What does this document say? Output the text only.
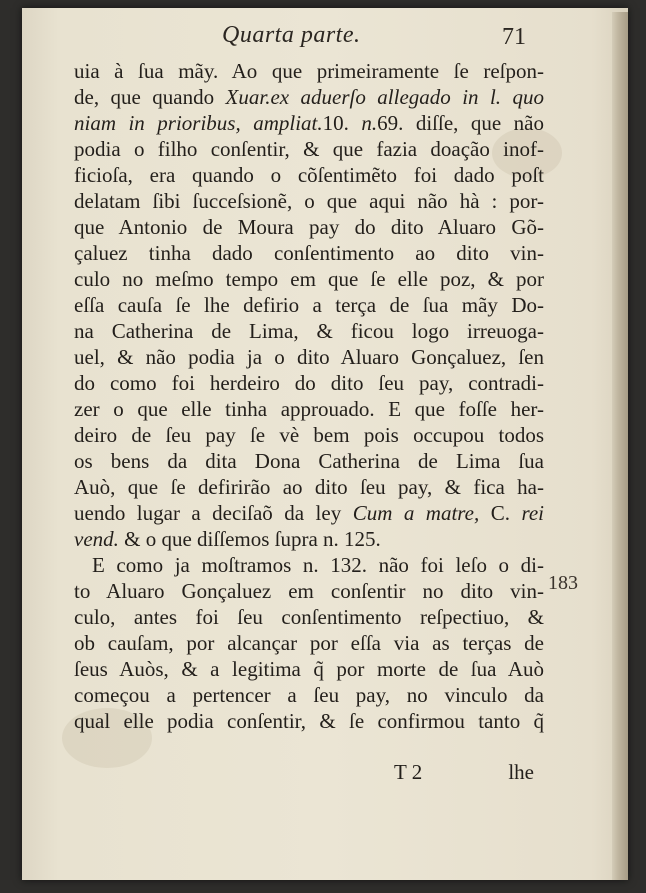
Quarta parte.	71
uia à ſua mãy. Ao que primeiramente ſe reſpon-
de, que quando Xuar.ex aduerſo allegado in l. quo
niam in prioribus, ampliat.10. n.69. diſſe, que não
podia o filho conſentir, & que fazia doação inof-
ficioſa, era quando o cõſentimẽto foi dado poſt
delatam ſibi ſucceſsionẽ, o que aqui não hà : por-
que Antonio de Moura pay do dito Aluaro Gõ-
çaluez tinha dado conſentimento ao dito vin-
culo no meſmo tempo em que ſe elle poz, & por
eſſa cauſa ſe lhe defirio a terça de ſua mãy Do-
na Catherina de Lima, & ficou logo irreuoga-
uel, & não podia ja o dito Aluaro Gonçaluez, ſen
do como foi herdeiro do dito ſeu pay, contradi-
zer o que elle tinha approuado. E que foſſe her-
deiro de ſeu pay ſe vè bem pois occupou todos
os bens da dita Dona Catherina de Lima ſua
Auò, que ſe defirirão ao dito ſeu pay, & fica ha-
uendo lugar a deciſaõ da ley Cum a matre, C. rei
vend. & o que diſſemos ſupra n. 125.
E como ja moſtramos n. 132. não foi leſo o di-
to Aluaro Gonçaluez em conſentir no dito vin-
culo, antes foi ſeu conſentimento reſpectiuo, &
ob cauſam, por alcançar por eſſa via as terças de
ſeus Auòs, & a legitima q̃ por morte de ſua Auò
começou a pertencer a ſeu pay, no vinculo da
qual elle podia conſentir, & ſe confirmou tanto q̃
183
T 2	lhe
